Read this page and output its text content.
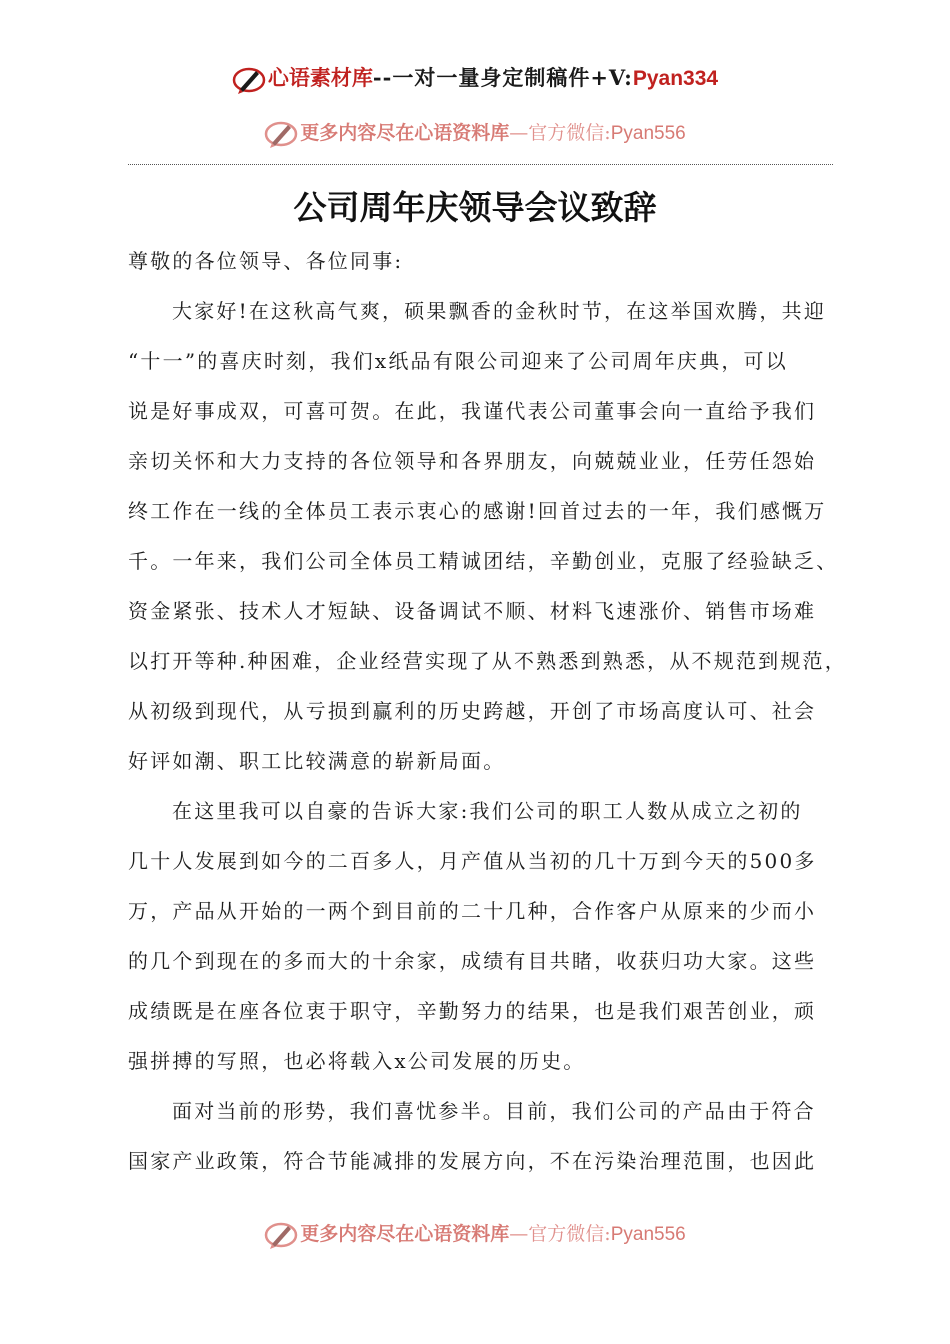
心语素材库--一对一量身定制稿件+V:Pyan334
更多内容尽在心语资料库—官方微信:Pyan556
公司周年庆领导会议致辞
尊敬的各位领导、各位同事:
大家好!在这秋高气爽，硕果飘香的金秋时节，在这举国欢腾，共迎
“十一”的喜庆时刻，我们x纸品有限公司迎来了公司周年庆典，可以
说是好事成双，可喜可贺。在此，我谨代表公司董事会向一直给予我们
亲切关怀和大力支持的各位领导和各界朋友，向兢兢业业，任劳任怨始
终工作在一线的全体员工表示衷心的感谢!回首过去的一年，我们感慨万
千。一年来，我们公司全体员工精诚团结，辛勤创业，克服了经验缺乏、
资金紧张、技术人才短缺、设备调试不顺、材料飞速涨价、销售市场难
以打开等种.种困难，企业经营实现了从不熟悉到熟悉，从不规范到规范，
从初级到现代，从亏损到赢利的历史跨越，开创了市场高度认可、社会
好评如潮、职工比较满意的崭新局面。
在这里我可以自豪的告诉大家:我们公司的职工人数从成立之初的
几十人发展到如今的二百多人，月产值从当初的几十万到今天的500多
万，产品从开始的一两个到目前的二十几种，合作客户从原来的少而小
的几个到现在的多而大的十余家，成绩有目共睹，收获归功大家。这些
成绩既是在座各位衷于职守，辛勤努力的结果，也是我们艰苦创业，顽
强拼搏的写照，也必将载入x公司发展的历史。
面对当前的形势，我们喜忧参半。目前，我们公司的产品由于符合
国家产业政策，符合节能减排的发展方向，不在污染治理范围，也因此
更多内容尽在心语资料库—官方微信:Pyan556
